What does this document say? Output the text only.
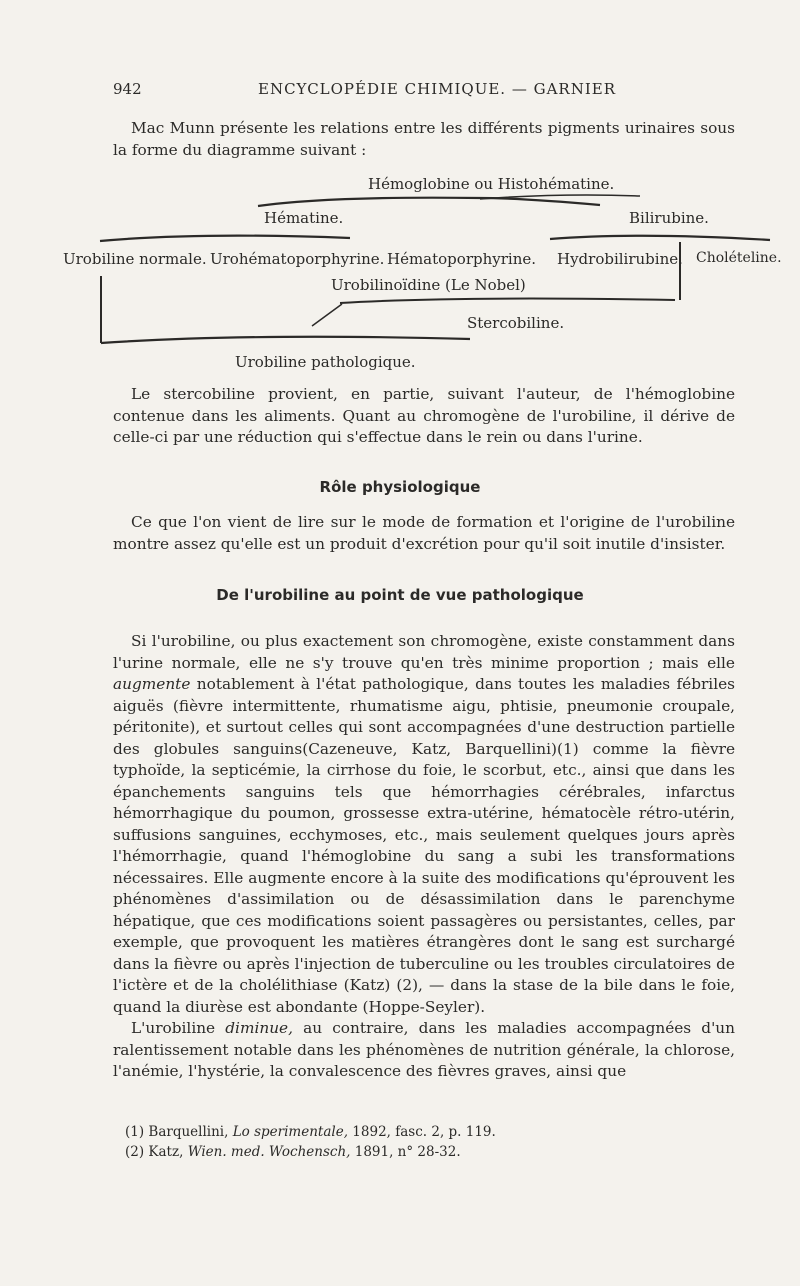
942	ENCYCLOPÉDIE CHIMIQUE. — GARNIER

Mac Munn présente les relations entre les différents pigments urinaires sous la forme du diagramme suivant :

Hémoglobine ou Histohématine.
Hématine.	Bilirubine.
Urobiline normale. Urohématoporphyrine. Hématoporphyrine. Hydrobilirubine. Cholételine.
Urobilinoïdine (Le Nobel)
Stercobiline.
Urobiline pathologique.

Le stercobiline provient, en partie, suivant l'auteur, de l'hémoglobine contenue dans les aliments. Quant au chromogène de l'urobiline, il dérive de celle-ci par une réduction qui s'effectue dans le rein ou dans l'urine.

Rôle physiologique

Ce que l'on vient de lire sur le mode de formation et l'origine de l'urobiline montre assez qu'elle est un produit d'excrétion pour qu'il soit inutile d'insister.

De l'urobiline au point de vue pathologique

Si l'urobiline, ou plus exactement son chromogène, existe constamment dans l'urine normale, elle ne s'y trouve qu'en très minime proportion ; mais elle augmente notablement à l'état pathologique, dans toutes les maladies fébriles aiguës (fièvre intermittente, rhumatisme aigu, phtisie, pneumonie croupale, péritonite), et surtout celles qui sont accompagnées d'une destruction partielle des globules sanguins(Cazeneuve, Katz, Barquellini)(1) comme la fièvre typhoïde, la septicémie, la cirrhose du foie, le scorbut, etc., ainsi que dans les épanchements sanguins tels que hémorrhagies cérébrales, infarctus hémorrhagique du poumon, grossesse extra-utérine, hématocèle rétro-utérin, suffusions sanguines, ecchymoses, etc., mais seulement quelques jours après l'hémorrhagie, quand l'hémoglobine du sang a subi les transformations nécessaires. Elle augmente encore à la suite des modifications qu'éprouvent les phénomènes d'assimilation ou de désassimilation dans le parenchyme hépatique, que ces modifications soient passagères ou persistantes, celles, par exemple, que provoquent les matières étrangères dont le sang est surchargé dans la fièvre ou après l'injection de tuberculine ou les troubles circulatoires de l'ictère et de la cholélithiase (Katz) (2), — dans la stase de la bile dans le foie, quand la diurèse est abondante (Hoppe-Seyler).

L'urobiline diminue, au contraire, dans les maladies accompagnées d'un ralentissement notable dans les phénomènes de nutrition générale, la chlorose, l'anémie, l'hystérie, la convalescence des fièvres graves, ainsi que

(1) Barquellini, Lo sperimentale, 1892, fasc. 2, p. 119.
(2) Katz, Wien. med. Wochensch, 1891, n° 28-32.
